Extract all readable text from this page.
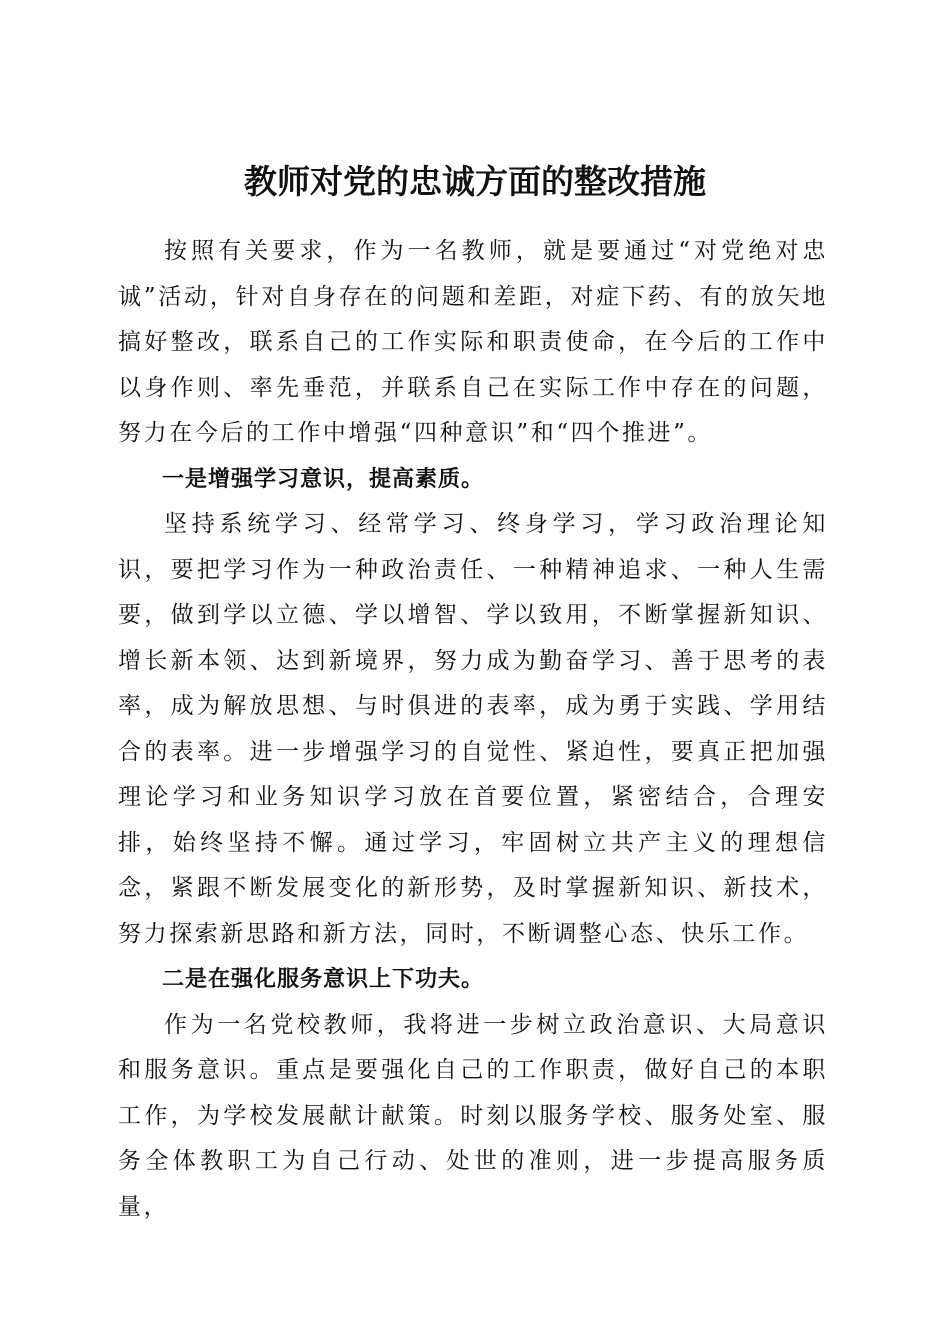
教师对党的忠诚方面的整改措施

按照有关要求，作为一名教师，就是要通过“对党绝对忠诚”活动，针对自身存在的问题和差距，对症下药、有的放矢地搞好整改，联系自己的工作实际和职责使命，在今后的工作中以身作则、率先垂范，并联系自己在实际工作中存在的问题，努力在今后的工作中增强“四种意识”和“四个推进”。

一是增强学习意识，提高素质。

坚持系统学习、经常学习、终身学习，学习政治理论知识，要把学习作为一种政治责任、一种精神追求、一种人生需要，做到学以立德、学以增智、学以致用，不断掌握新知识、增长新本领、达到新境界，努力成为勤奋学习、善于思考的表率，成为解放思想、与时俱进的表率，成为勇于实践、学用结合的表率。进一步增强学习的自觉性、紧迫性，要真正把加强理论学习和业务知识学习放在首要位置，紧密结合，合理安排，始终坚持不懈。通过学习，牢固树立共产主义的理想信念，紧跟不断发展变化的新形势，及时掌握新知识、新技术，努力探索新思路和新方法，同时，不断调整心态、快乐工作。

二是在强化服务意识上下功夫。

作为一名党校教师，我将进一步树立政治意识、大局意识和服务意识。重点是要强化自己的工作职责，做好自己的本职工作，为学校发展献计献策。时刻以服务学校、服务处室、服务全体教职工为自己行动、处世的准则，进一步提高服务质量，
